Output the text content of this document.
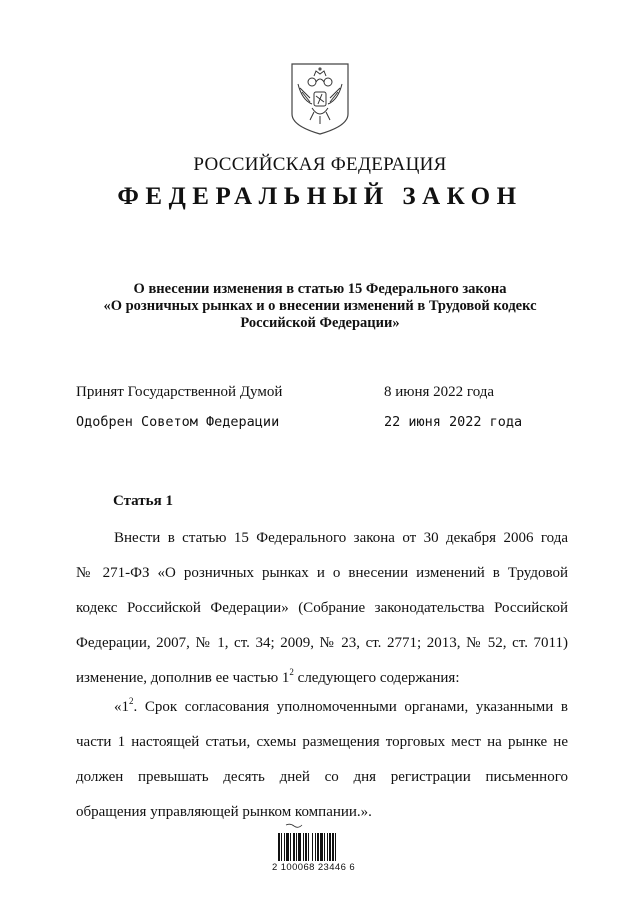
РОССИЙСКАЯ ФЕДЕРАЦИЯ
ФЕДЕРАЛЬНЫЙ ЗАКОН
О внесении изменения в статью 15 Федерального закона
«О розничных рынках и о внесении изменений в Трудовой кодекс
Российской Федерации»
Принят Государственной Думой	8 июня 2022 года
Одобрен Советом Федерации	22 июня 2022 года
Статья 1
Внести в статью 15 Федерального закона от 30 декабря 2006 года
№ 271-ФЗ «О розничных рынках и о внесении изменений в Трудовой
кодекс Российской Федерации» (Собрание законодательства Российской
Федерации, 2007, № 1, ст. 34; 2009, № 23, ст. 2771; 2013, № 52, ст. 7011)
изменение, дополнив ее частью $1^2$ следующего содержания:
«$1^2$. Срок согласования уполномоченными органами, указанными в
части 1 настоящей статьи, схемы размещения торговых мест на рынке не
должен превышать десять дней со дня регистрации письменного
обращения управляющей рынком компании.».
2 100068 23446 6
